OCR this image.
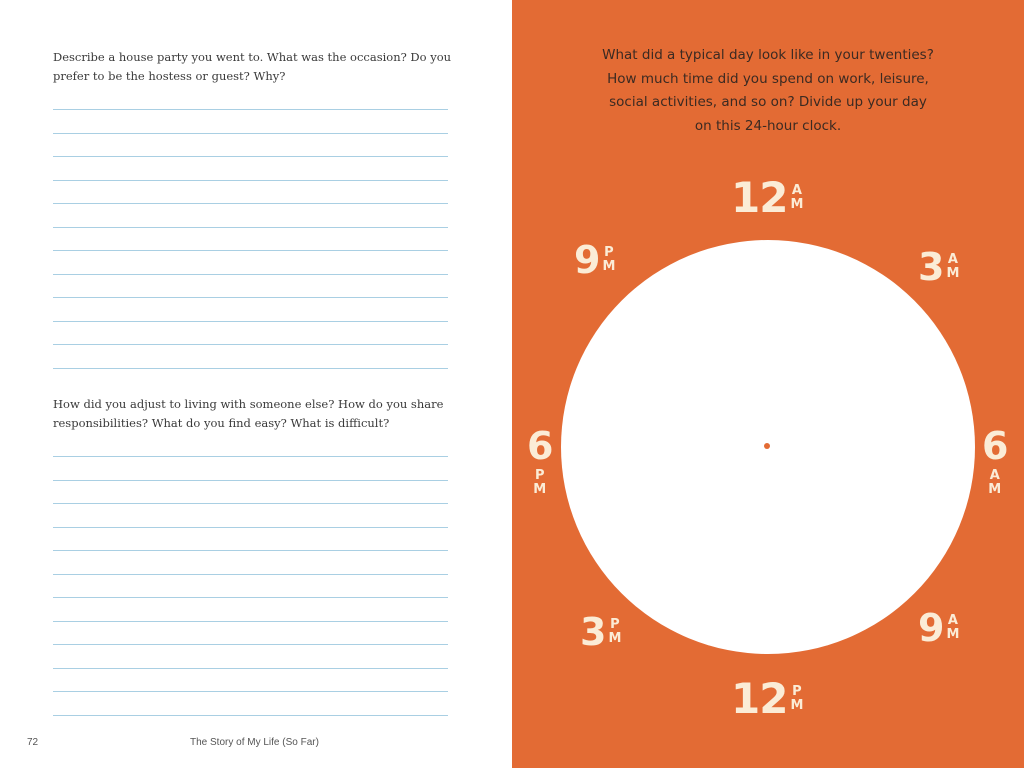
Describe a house party you went to. What was the occasion? Do you prefer to be the hostess or guest? Why?

How did you adjust to living with someone else? How do you share responsibilities? What do you find easy? What is difficult?

72	The Story of My Life (So Far)

What did a typical day look like in your twenties? How much time did you spend on work, leisure, social activities, and so on? Divide up your day on this 24-hour clock.

12 A
M
3 A
M
6
A
M
9 A
M
12 P
M
3 P
M
6
P
M
9 P
M
